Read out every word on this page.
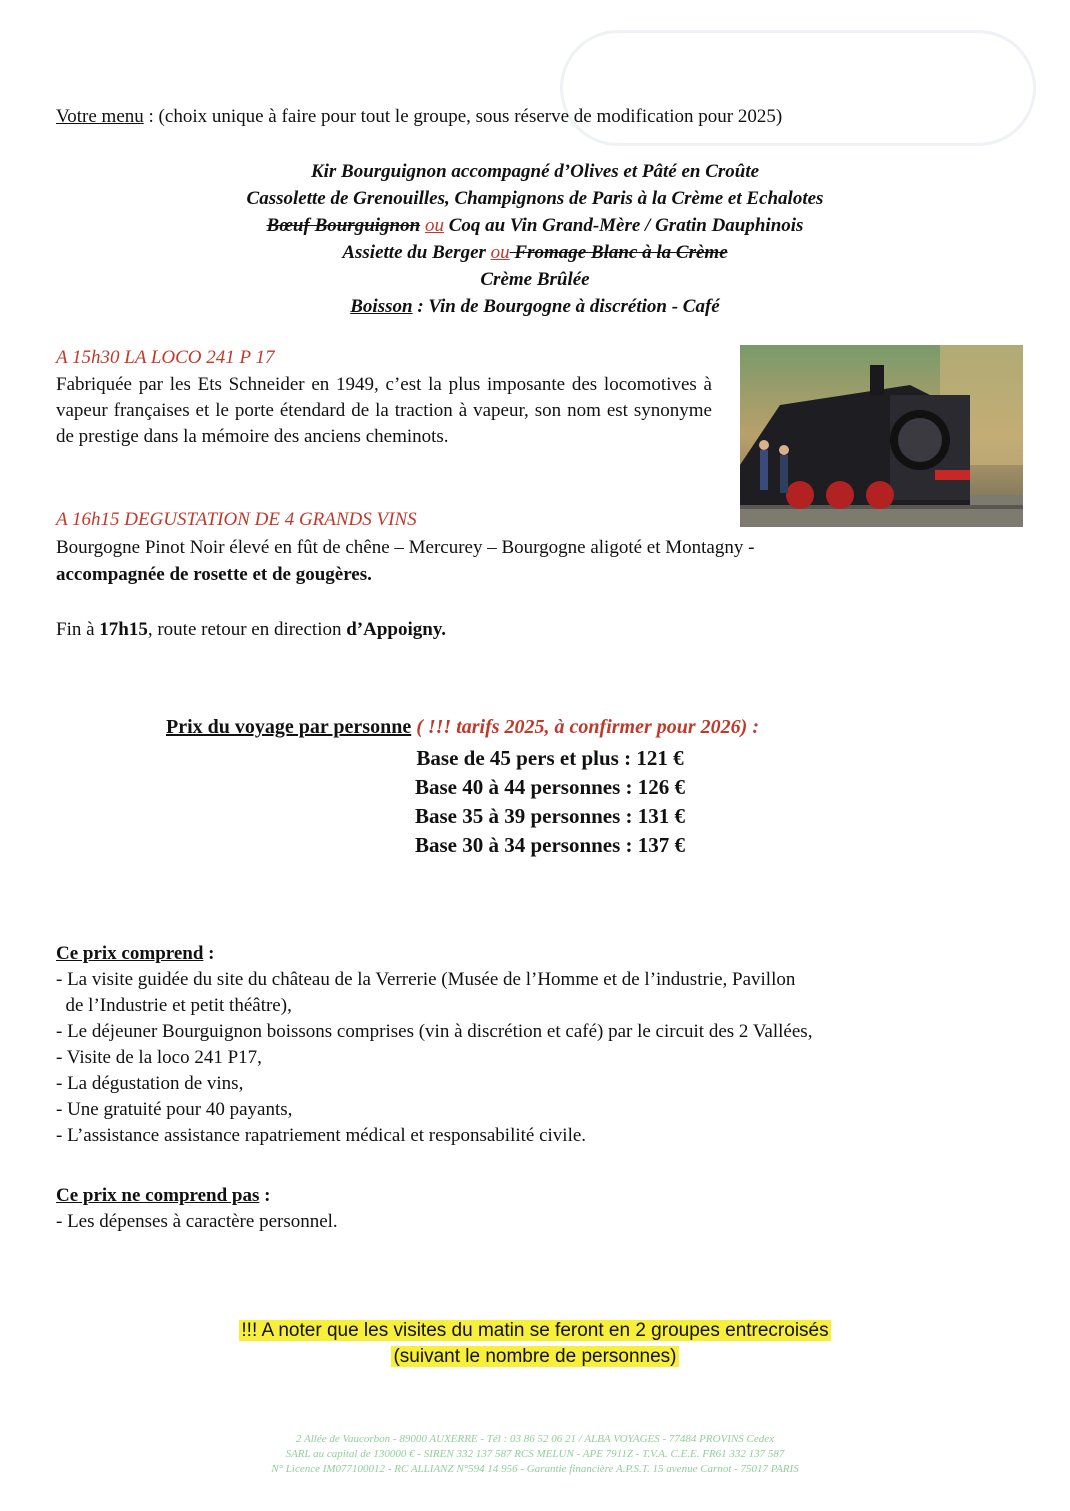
Votre menu : (choix unique à faire pour tout le groupe, sous réserve de modification pour 2025)
Kir Bourguignon accompagné d’Olives et Pâté en Croûte
Cassolette de Grenouilles, Champignons de Paris à la Crème et Echalotes
Bœuf Bourguignon ou Coq au Vin Grand-Mère / Gratin Dauphinois
Assiette du Berger ou Fromage Blanc à la Crème
Crème Brûlée
Boisson : Vin de Bourgogne à discrétion - Café
A 15h30 LA LOCO 241 P 17
Fabriquée par les Ets Schneider en 1949, c’est la plus imposante des locomotives à vapeur françaises et le porte étendard de la traction à vapeur, son nom est synonyme de prestige dans la mémoire des anciens cheminots.
A 16h15 DEGUSTATION DE 4 GRANDS VINS
Bourgogne Pinot Noir élevé en fût de chêne – Mercurey – Bourgogne aligoté et Montagny -
accompagnée de rosette et de gougères.
Fin à 17h15, route retour en direction d’Appoigny.
Prix du voyage par personne ( !!! tarifs 2025, à confirmer pour 2026) :
Base de 45 pers et plus : 121 €
Base 40 à 44 personnes : 126 €
Base 35 à 39 personnes : 131 €
Base 30 à 34 personnes : 137 €
Ce prix comprend :
- La visite guidée du site du château de la Verrerie (Musée de l’Homme et de l’industrie, Pavillon
de l’Industrie et petit théâtre),
- Le déjeuner Bourguignon boissons comprises (vin à discrétion et café) par le circuit des 2 Vallées,
- Visite de la loco 241 P17,
- La dégustation de vins,
- Une gratuité pour 40 payants,
- L’assistance assistance rapatriement médical et responsabilité civile.
Ce prix ne comprend pas :
- Les dépenses à caractère personnel.
!!! A noter que les visites du matin se feront en 2 groupes entrecroisés
(suivant le nombre de personnes)
2 Allée de Vaucorbon - 89000 AUXERRE - Tél : 03 86 52 06 21 / ALBA VOYAGES - 77484 PROVINS Cedex
SARL au capital de 130000 € - SIREN 332 137 587 RCS MELUN - APE 7911Z - T.V.A. C.E.E. FR61 332 137 587
N° Licence IM077100012 - RC ALLIANZ N°594 14 956 - Garantie financière A.P.S.T. 15 avenue Carnot - 75017 PARIS
